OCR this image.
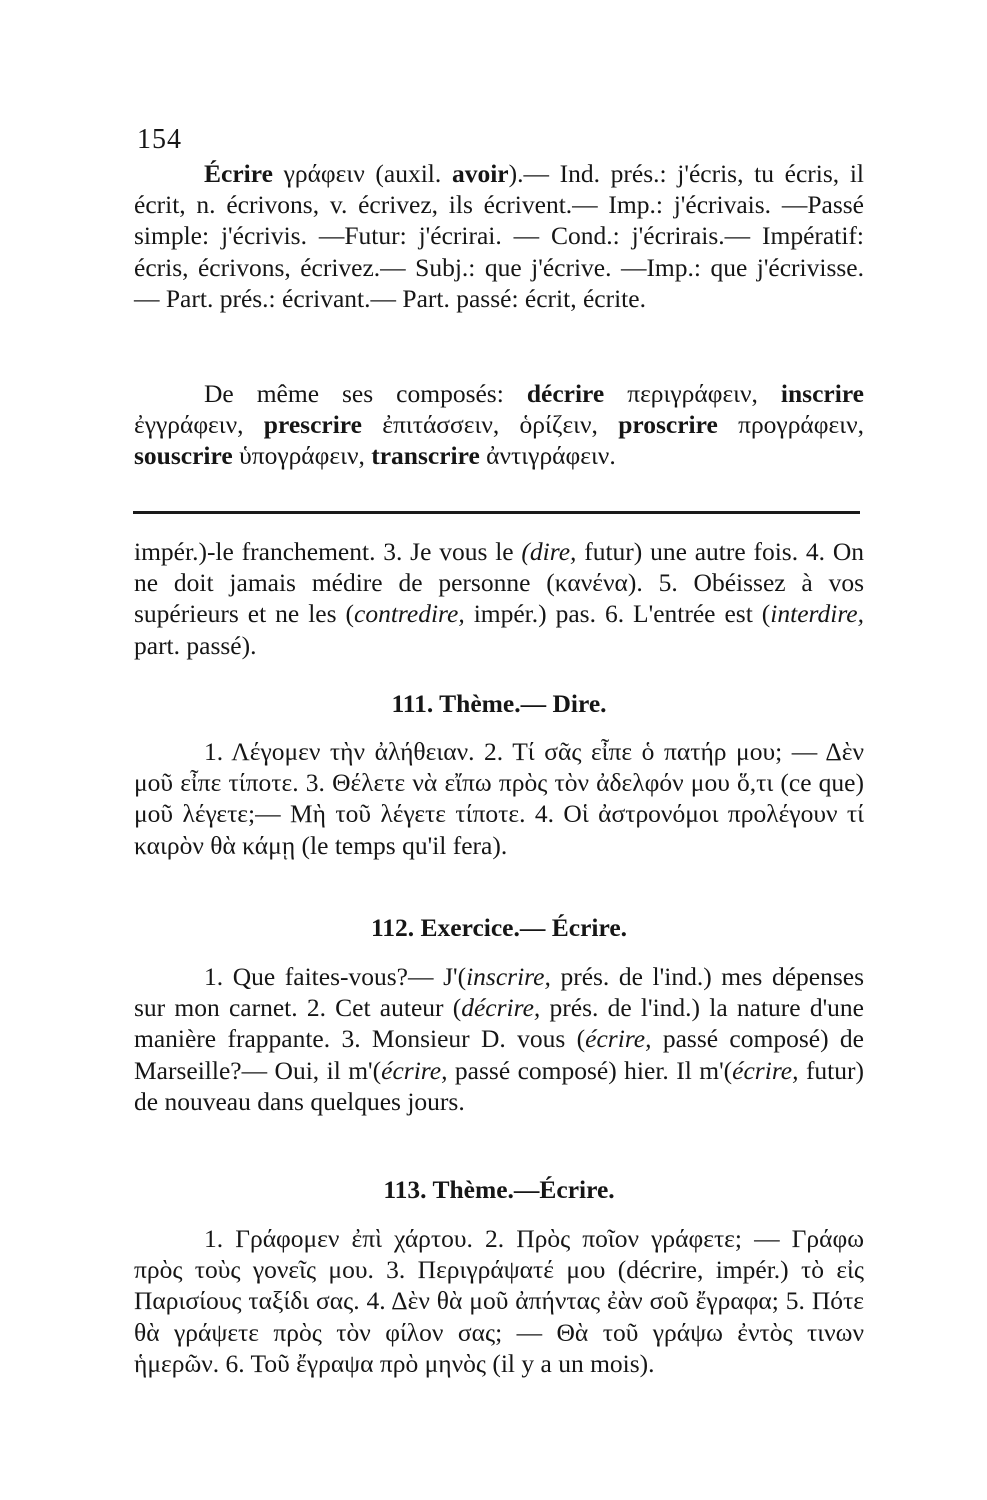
154

Écrire γράφειν (auxil. avoir).— Ind. prés.: j'écris, tu écris, il écrit, n. écrivons, v. écrivez, ils écrivent.— Imp.: j'écrivais. —Passé simple: j'écrivis. —Futur: j'écrirai. — Cond.: j'écrirais.— Impératif: écris, écrivons, écrivez.— Subj.: que j'écrive. —Imp.: que j'écrivisse.— Part. prés.: écrivant.— Part. passé: écrit, écrite.

De même ses composés: décrire περιγράφειν, inscrire ἐγγράφειν, prescrire ἐπιτάσσειν, ὁρίζειν, proscrire προγράφειν, souscrire ὑπογράφειν, transcrire ἀντιγράφειν.

impér.)-le franchement. 3. Je vous le (dire, futur) une autre fois. 4. On ne doit jamais médire de personne (κανένα). 5. Obéissez à vos supérieurs et ne les (contredire, impér.) pas. 6. L'entrée est (interdire, part. passé).

111. Thème.— Dire.

1. Λέγομεν τὴν ἀλήθειαν. 2. Τί σᾶς εἶπε ὁ πατήρ μου; — Δὲν μοῦ εἶπε τίποτε. 3. Θέλετε νὰ εἴπω πρὸς τὸν ἀδελφόν μου ὅ,τι (ce que) μοῦ λέγετε;— Μὴ τοῦ λέγετε τίποτε. 4. Οἱ ἀστρονόμοι προλέγουν τί καιρὸν θὰ κάμῃ (le temps qu'il fera).

112. Exercice.— Écrire.

1. Que faites-vous?— J'(inscrire, prés. de l'ind.) mes dépenses sur mon carnet. 2. Cet auteur (décrire, prés. de l'ind.) la nature d'une manière frappante. 3. Monsieur D. vous (écrire, passé composé) de Marseille?— Oui, il m'(écrire, passé composé) hier. Il m'(écrire, futur) de nouveau dans quelques jours.

113. Thème.—Écrire.

1. Γράφομεν ἐπὶ χάρτου. 2. Πρὸς ποῖον γράφετε; — Γράφω πρὸς τοὺς γονεῖς μου. 3. Περιγράψατέ μου (décrire, impér.) τὸ εἰς Παρισίους ταξίδι σας. 4. Δὲν θὰ μοῦ ἀπήντας ἐὰν σοῦ ἔγραφα; 5. Πότε θὰ γράψετε πρὸς τὸν φίλον σας; — Θὰ τοῦ γράψω ἐντὸς τινων ἡμερῶν. 6. Τοῦ ἔγραψα πρὸ μηνὸς (il y a un mois).
